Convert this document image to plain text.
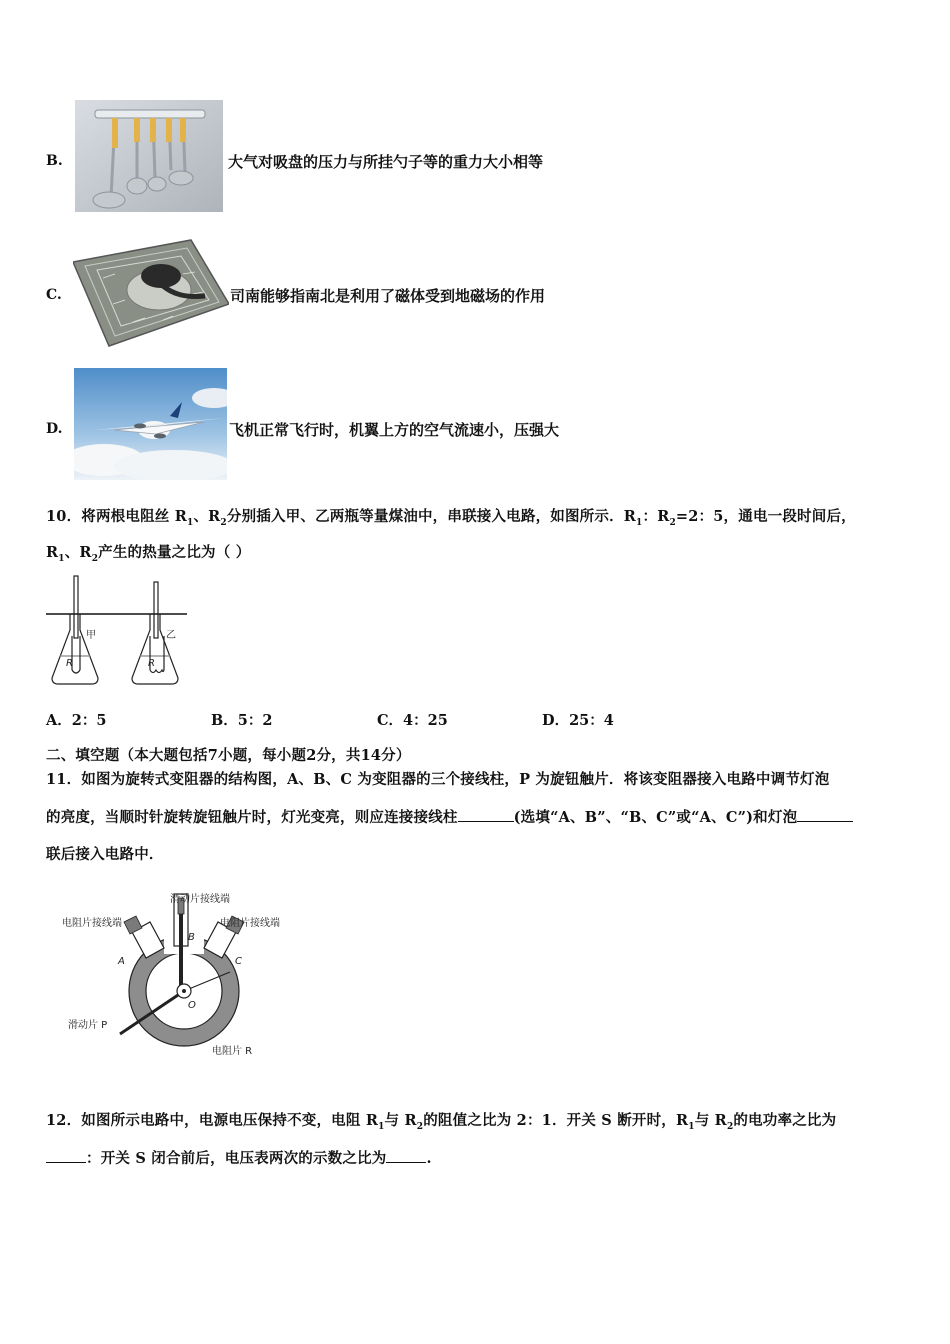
B.	大气对吸盘的压力与所挂勺子等的重力大小相等
C.	司南能够指南北是利用了磁体受到地磁场的作用
D.	飞机正常飞行时，机翼上方的空气流速小，压强大
10．将两根电阻丝 $R_1$、$R_2$分别插入甲、乙两瓶等量煤油中，串联接入电路，如图所示．$R_1$：$R_2=2$：5，通电一段时间后，
$R_1$、$R_2$产生的热量之比为（ ）
甲
R
乙
R
A．2：5	B．5：2	C．4：25	D．25：4
二、填空题（本大题包括7小题，每小题2分，共14分）
11．如图为旋转式变阻器的结构图，A、B、C 为变阻器的三个接线柱，P 为旋钮触片．将该变阻器接入电路中调节灯泡
的亮度，当顺时针旋转旋钮触片时，灯光变亮，则应连接接线柱	(选填“A、B”、“B、C”或“A、C”)和灯泡
联后接入电路中．
滑动片接线端
电阻片接线端	电阻片接线端
A
B
C
O
滑动片 P
电阻片 R
12．如图所示电路中，电源电压保持不变，电阻 $R_1$与 $R_2$的阻值之比为 2：1．开关 S 断开时，$R_1$与 $R_2$的电功率之比为
：开关 S 闭合前后，电压表两次的示数之比为	.
